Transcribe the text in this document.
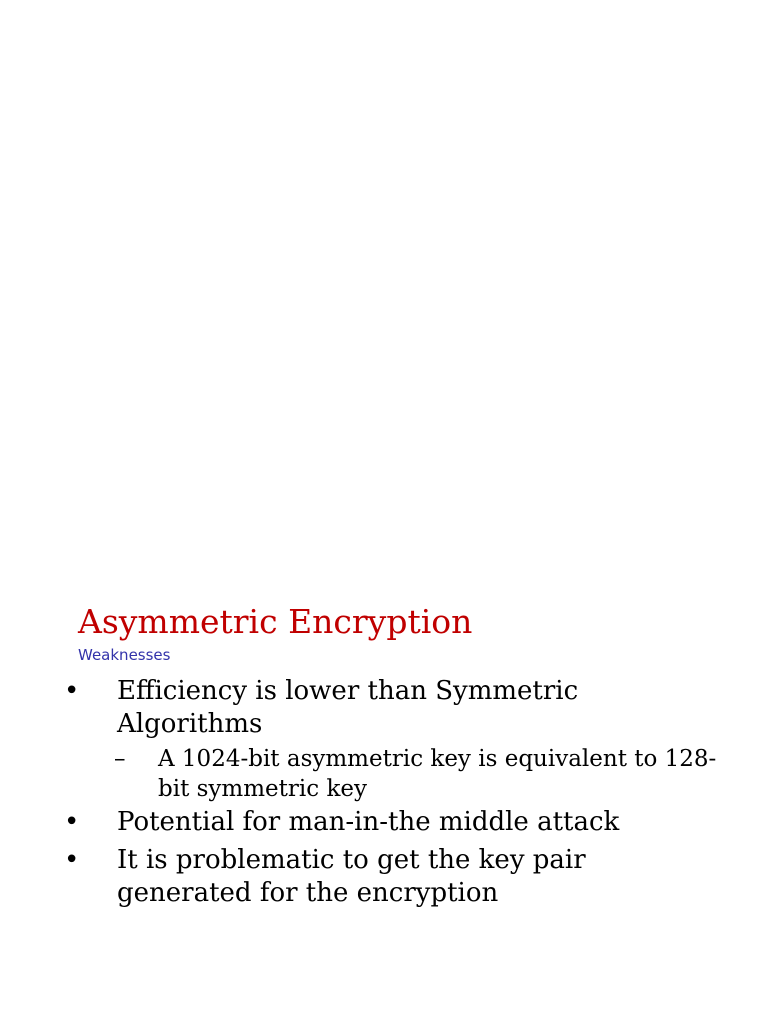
Asymmetric Encryption
Weaknesses
• Efficiency is lower than Symmetric Algorithms
– A 1024-bit asymmetric key is equivalent to 128-bit symmetric key
• Potential for man-in-the middle attack
• It is problematic to get the key pair generated for the encryption
